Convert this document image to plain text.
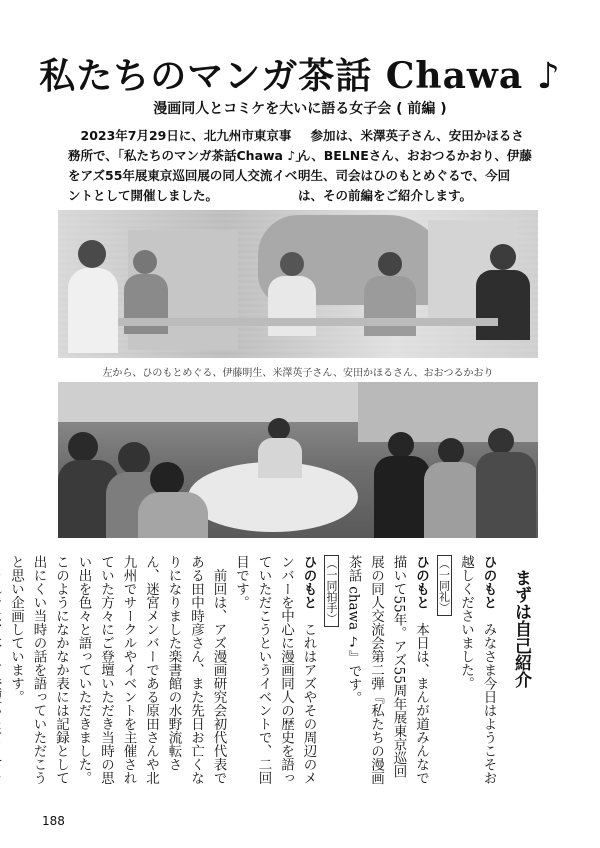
私たちのマンガ茶話 Chawa ♪
漫画同人とコミケを大いに語る女子会 ( 前編 )
2023年7月29日に、北九州市東京事務所で、「私たちのマンガ茶話Chawa ♪」をアズ55年展東京巡回展の同人交流イベントとして開催しました。
参加は、米澤英子さん、安田かほるさん、BELNEさん、おおつるかおり、伊藤明生、司会はひのもとめぐるで、今回は、その前編をご紹介します。
左から、ひのもとめぐる、伊藤明生、米澤英子さん、安田かほるさん、おおつるかおり

まずは自己紹介

ひのもと　みなさま今日はようこそお越しくださいました。

（一同礼）

ひのもと　本日は、まんが道みんなで描いて55年。アズ55周年展東京巡回展の同人交流会第二弾『私たちの漫画茶話 chawa ♪』です。

（一同拍手）

ひのもと　これはアズやその周辺のメンバーを中心に漫画同人の歴史を語っていただこうというイベントで、二回目です。

　前回は、アズ漫画研究会初代代表である田中時彦さん、また先日お亡くなりになりました楽書館の水野流転さん、迷宮メンバーである原田さんや北九州でサークルやイベントを主催されていた方々にご登壇いただき当時の思い出を色々と語っていただきました。このようになかなか表には記録として出にくい当時の話を語っていただこうと思い企画しています。

188
